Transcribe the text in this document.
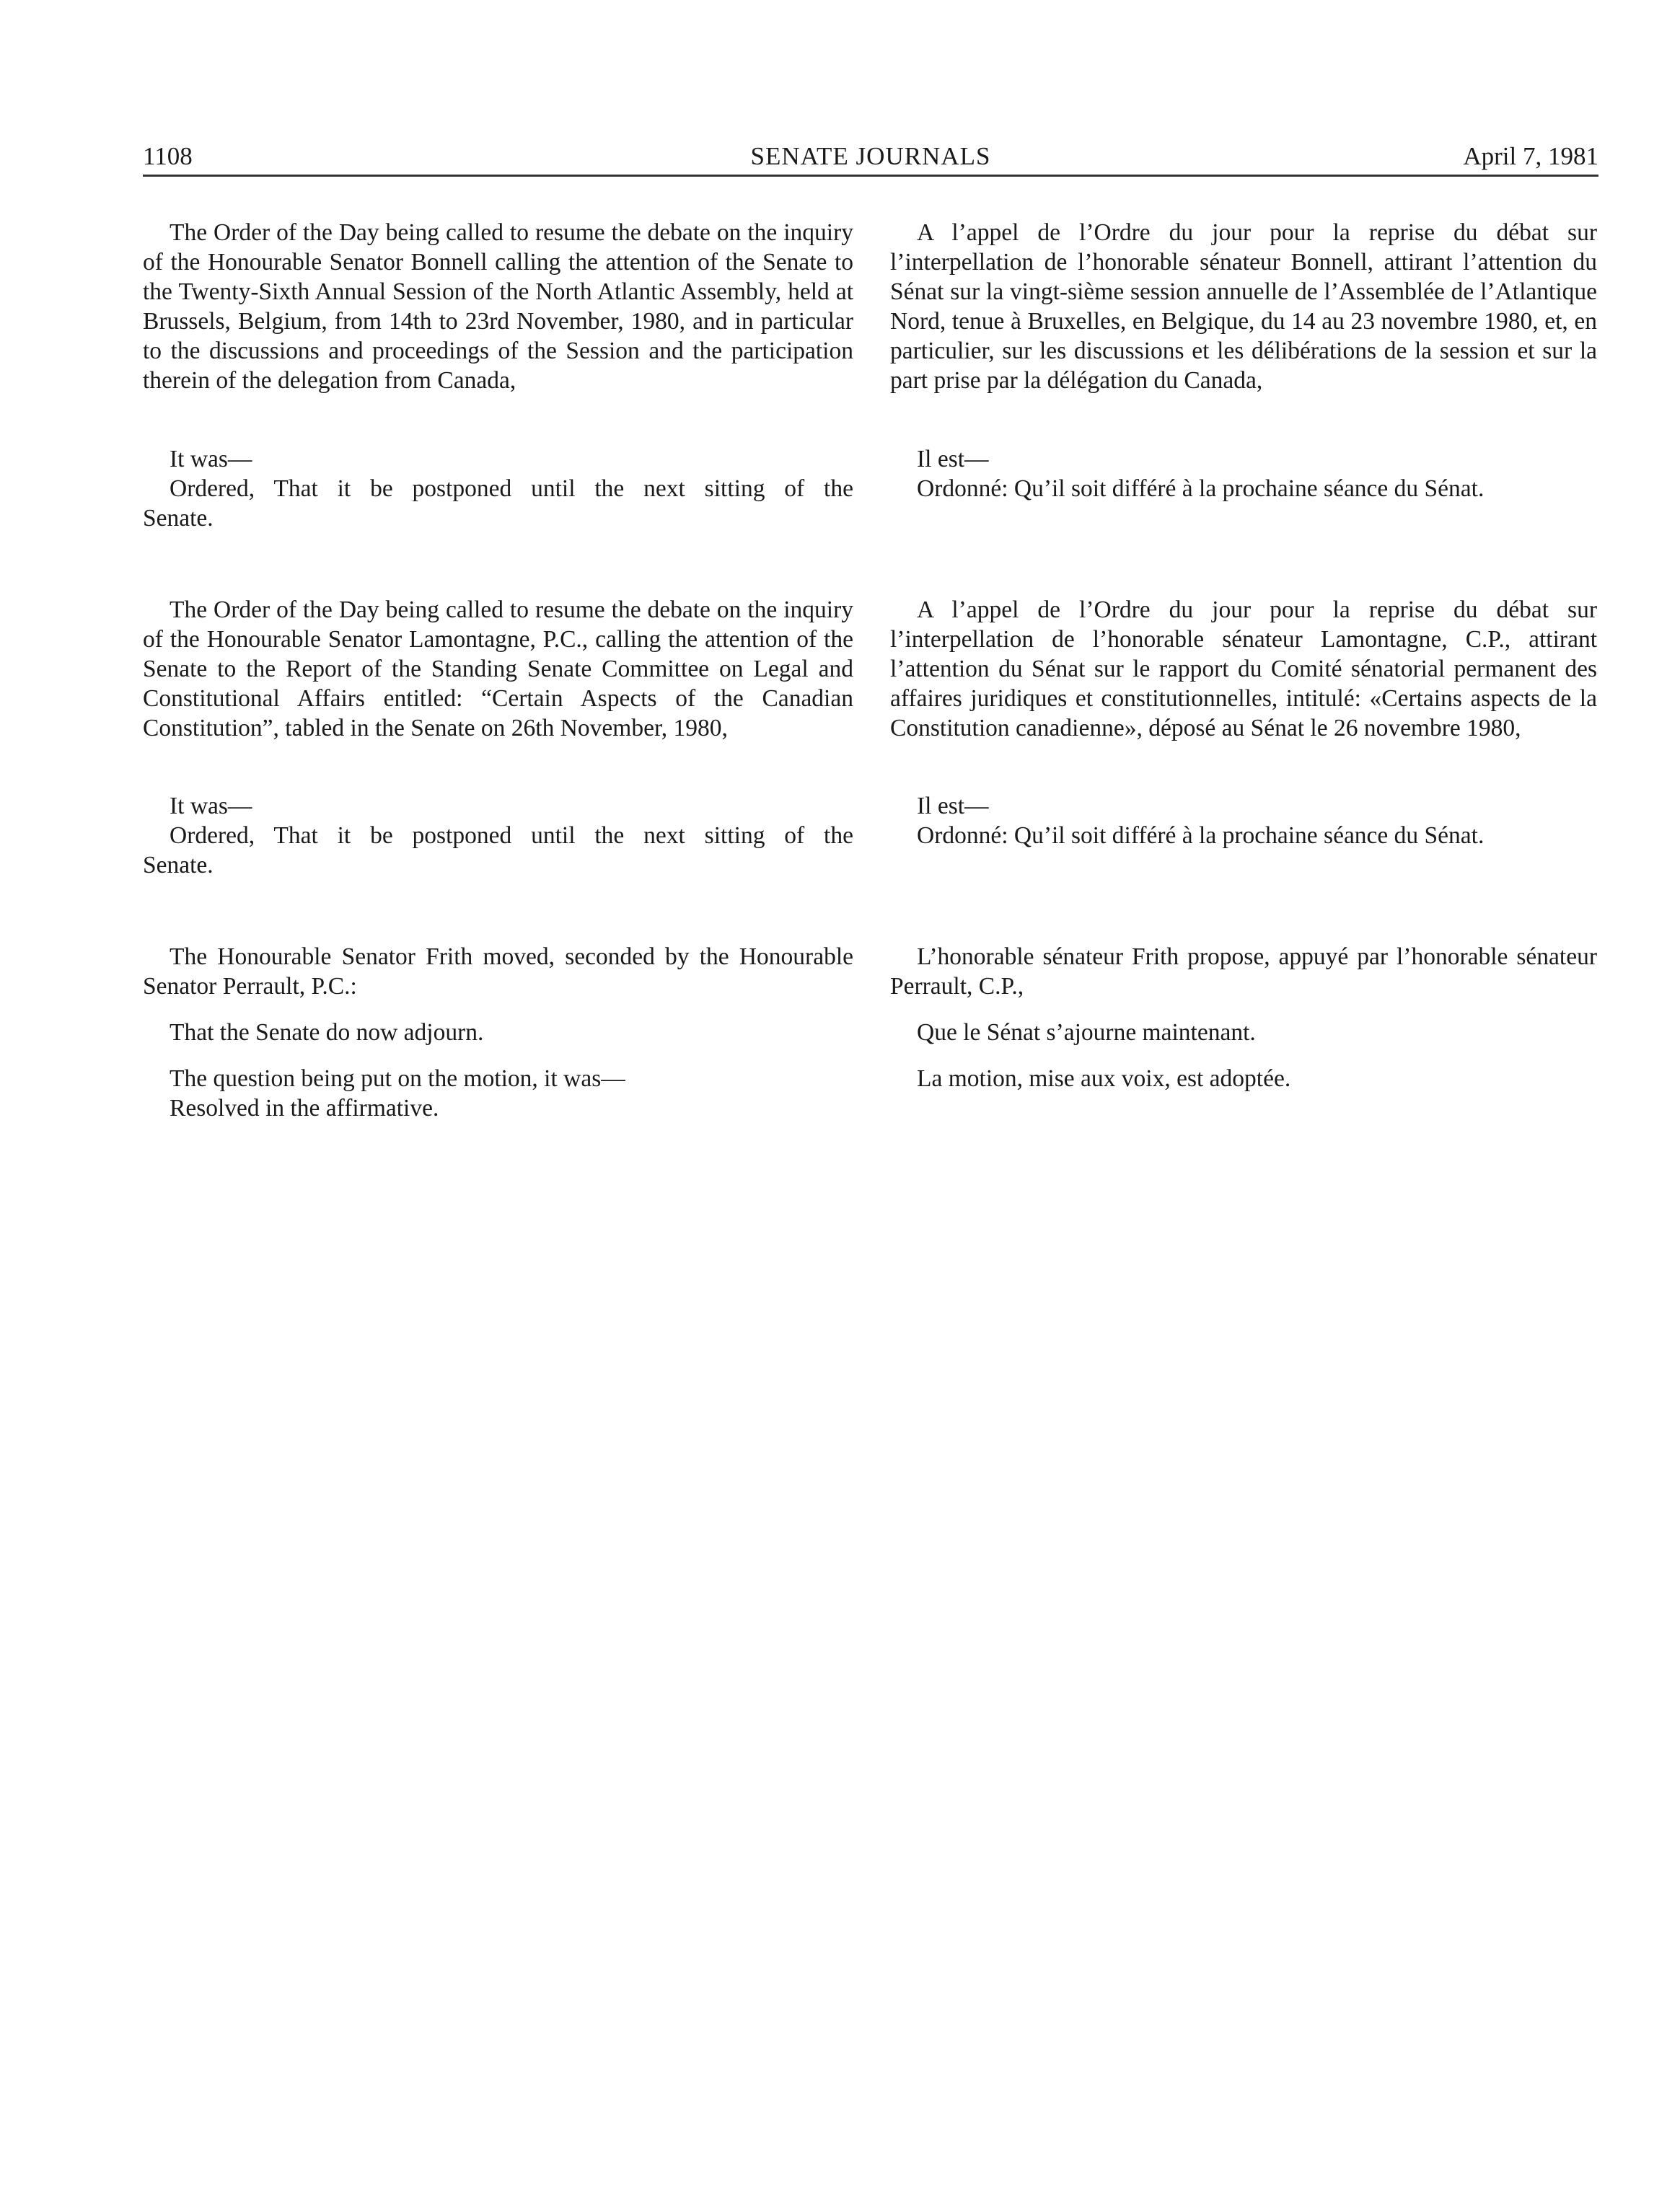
1108	SENATE JOURNALS	April 7, 1981

The Order of the Day being called to resume the debate on the inquiry of the Honourable Senator Bonnell calling the attention of the Senate to the Twenty-Sixth Annual Session of the North Atlantic Assembly, held at Brussels, Belgium, from 14th to 23rd November, 1980, and in particular to the discussions and proceedings of the Session and the participation therein of the delegation from Canada,

It was—

Ordered, That it be postponed until the next sitting of the

Senate.

The Order of the Day being called to resume the debate on the inquiry of the Honourable Senator Lamontagne, P.C., calling the attention of the Senate to the Report of the Standing Senate Committee on Legal and Constitutional Affairs entitled: “Certain Aspects of the Canadian Constitution”, tabled in the Senate on 26th November, 1980,

It was—

Ordered, That it be postponed until the next sitting of the

Senate.

The Honourable Senator Frith moved, seconded by the Honourable Senator Perrault, P.C.:

That the Senate do now adjourn.

The question being put on the motion, it was—

Resolved in the affirmative.

A l’appel de l’Ordre du jour pour la reprise du débat sur l’interpellation de l’honorable sénateur Bonnell, attirant l’attention du Sénat sur la vingt-sième session annuelle de l’Assemblée de l’Atlantique Nord, tenue à Bruxelles, en Belgique, du 14 au 23 novembre 1980, et, en particulier, sur les discussions et les délibérations de la session et sur la part prise par la délégation du Canada,

Il est—

Ordonné: Qu’il soit différé à la prochaine séance du Sénat.

A l’appel de l’Ordre du jour pour la reprise du débat sur l’interpellation de l’honorable sénateur Lamontagne, C.P., attirant l’attention du Sénat sur le rapport du Comité sénatorial permanent des affaires juridiques et constitutionnelles, intitulé: «Certains aspects de la Constitution canadienne», déposé au Sénat le 26 novembre 1980,

Il est—

Ordonné: Qu’il soit différé à la prochaine séance du Sénat.

L’honorable sénateur Frith propose, appuyé par l’honorable sénateur Perrault, C.P.,

Que le Sénat s’ajourne maintenant.

La motion, mise aux voix, est adoptée.
